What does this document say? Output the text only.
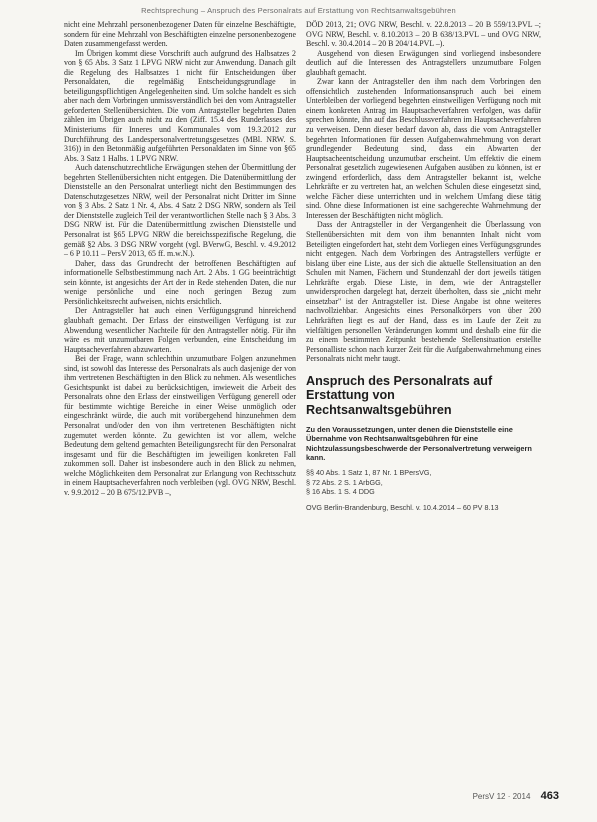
Rechtsprechung – Anspruch des Personalrats auf Erstattung von Rechtsanwaltsgebühren

nicht eine Mehrzahl personenbezogener Daten für einzelne Beschäftigte, sondern für eine Mehrzahl von Beschäftigten einzelne personenbezogene Daten zusammengefasst werden.

Im Übrigen kommt diese Vorschrift auch aufgrund des Halbsatzes 2 von § 65 Abs. 3 Satz 1 LPVG NRW nicht zur Anwendung. Danach gilt die Regelung des Halbsatzes 1 nicht für Entscheidungen über Personaldaten, die regelmäßig Entscheidungsgrundlage in beteiligungspflichtigen Angelegenheiten sind. Um solche handelt es sich aber nach dem Vorbringen unmissverständlich bei den vom Antragsteller geforderten Stellenübersichten. Die vom Antragsteller begehrten Daten zählen im Übrigen auch nicht zu den (Ziff. 15.4 des Runderlasses des Ministeriums für Inneres und Kommunales vom 19.3.2012 zur Durchführung des Landespersonalvertretungsgesetzes (MBl. NRW. S. 316)) in den Betonmäßig aufgeführten Personaldaten im Sinne von §65 Abs. 3 Satz 1 Halbs. 1 LPVG NRW.

Auch datenschutzrechtliche Erwägungen stehen der Übermittlung der begehrten Stellenübersichten nicht entgegen. Die Datenübermittlung der Dienststelle an den Personalrat unterliegt nicht den Bestimmungen des Datenschutzgesetzes NRW, weil der Personalrat nicht Dritter im Sinne von § 3 Abs. 2 Satz 1 Nr. 4, Abs. 4 Satz 2 DSG NRW, sondern als Teil der Dienststelle zugleich Teil der verantwortlichen Stelle nach § 3 Abs. 3 DSG NRW ist. Für die Datenübermittlung zwischen Dienststelle und Personalrat ist §65 LPVG NRW die bereichsspezifische Regelung, die gemäß §2 Abs. 3 DSG NRW vorgeht (vgl. BVerwG, Beschl. v. 4.9.2012 – 6 P 10.11 – PersV 2013, 65 ff. m.w.N.).

Daher, dass das Grundrecht der betroffenen Beschäftigten auf informationelle Selbstbestimmung nach Art. 2 Abs. 1 GG beeinträchtigt sein könnte, ist angesichts der Art der in Rede stehenden Daten, die nur wenige persönliche und eine noch geringen Bezug zum Persönlichkeitsrecht aufweisen, nichts ersichtlich.

Der Antragsteller hat auch einen Verfügungsgrund hinreichend glaubhaft gemacht. Der Erlass der einstweiligen Verfügung ist zur Abwendung wesentlicher Nachteile für den Antragsteller nötig. Für ihn wäre es mit unzumutbaren Folgen verbunden, eine Entscheidung im Hauptsacheverfahren abzuwarten.

Bei der Frage, wann schlechthin unzumutbare Folgen anzunehmen sind, ist sowohl das Interesse des Personalrats als auch dasjenige der von ihm vertretenen Beschäftigten in den Blick zu nehmen. Als wesentliches Gesichtspunkt ist dabei zu berücksichtigen, inwieweit die Arbeit des Personalrats ohne den Erlass der einstweiligen Verfügung generell oder für bestimmte wichtige Bereiche in einer Weise unmöglich oder eingeschränkt würde, die auch mit vorübergehend hinzunehmen dem Personalrat und/oder den von ihm vertretenen Beschäftigten nicht zugemutet werden könnte. Zu gewichten ist vor allem, welche Bedeutung dem geltend gemachten Beteiligungsrecht für den Personalrat insgesamt und für die Beschäftigten im jeweiligen konkreten Fall zukommen soll. Daher ist insbesondere auch in den Blick zu nehmen, welche Möglichkeiten dem Personalrat zur Erlangung von Rechtsschutz in einem Hauptsacheverfahren noch verbleiben (vgl. OVG NRW, Beschl. v. 9.9.2012 – 20 B 675/12.PVB –,

DÖD 2013, 21; OVG NRW, Beschl. v. 22.8.2013 – 20 B 559/13.PVL –; OVG NRW, Beschl. v. 8.10.2013 – 20 B 638/13.PVL – und OVG NRW, Beschl. v. 30.4.2014 – 20 B 204/14.PVL –).

Ausgehend von diesen Erwägungen sind vorliegend insbesondere deutlich auf die Interessen des Antragstellers unzumutbare Folgen glaubhaft gemacht.

Zwar kann der Antragsteller den ihm nach dem Vorbringen den offensichtlich zustehenden Informationsanspruch auch bei einem Unterbleiben der vorliegend begehrten einstweiligen Verfügung noch mit einem konkreten Antrag im Hauptsacheverfahren verfolgen, was dafür sprechen könnte, ihn auf das Beschlussverfahren im Hauptsacheverfahren zu verweisen. Denn dieser bedarf davon ab, dass die vom Antragsteller begehrten Informationen für dessen Aufgabenwahrnehmung von derart grundlegender Bedeutung sind, dass ein Abwarten der Hauptsacheentscheidung unzumutbar erscheint. Um effektiv die einem Personalrat gesetzlich zugewiesenen Aufgaben ausüben zu können, ist er zwingend erforderlich, dass dem Antragsteller bekannt ist, welche Lehrkräfte er zu vertreten hat, an welchen Schulen diese eingesetzt sind, welche Fächer diese unterrichten und in welchem Umfang diese tätig sind. Ohne diese Informationen ist eine sachgerechte Wahrnehmung der Interessen der Beschäftigten nicht möglich.

Dass der Antragsteller in der Vergangenheit die Überlassung von Stellenübersichten mit dem von ihm benannten Inhalt nicht vom Beteiligten eingefordert hat, steht dem Vorliegen eines Verfügungsgrundes nicht entgegen. Nach dem Vorbringen des Antragstellers verfügte er bislang über eine Liste, aus der sich die aktuelle Stellensituation an den Schulen mit Namen, Fächern und Stundenzahl der dort jeweils tätigen Lehrkräfte ergab. Diese Liste, in dem, wie der Antragsteller unwidersprochen dargelegt hat, derzeit überholten, dass sie „nicht mehr einsetzbar" ist der Antragsteller ist. Diese Angabe ist ohne weiteres nachvollziehbar. Angesichts eines Personalkörpers von über 200 Lehrkräften liegt es auf der Hand, dass es im Laufe der Zeit zu vielfältigen personellen Veränderungen kommt und deshalb eine für die zu einem bestimmten Zeitpunkt bestehende Stellensituation erstellte Personalliste schon nach kurzer Zeit für die Aufgabenwahrnehmung eines Personalrats nicht mehr taugt.

Anspruch des Personalrats auf Erstattung von Rechtsanwaltsgebühren

Zu den Voraussetzungen, unter denen die Dienststelle eine Übernahme von Rechtsanwaltsgebühren für eine Nichtzulassungsbeschwerde der Personalvertretung verweigern kann.

§§ 40 Abs. 1 Satz 1, 87 Nr. 1 BPersVG,
§ 72 Abs. 2 S. 1 ArbGG,
§ 16 Abs. 1 S. 4 DDG

OVG Berlin-Brandenburg, Beschl. v. 10.4.2014 – 60 PV 8.13

PersV 12 · 2014 463
